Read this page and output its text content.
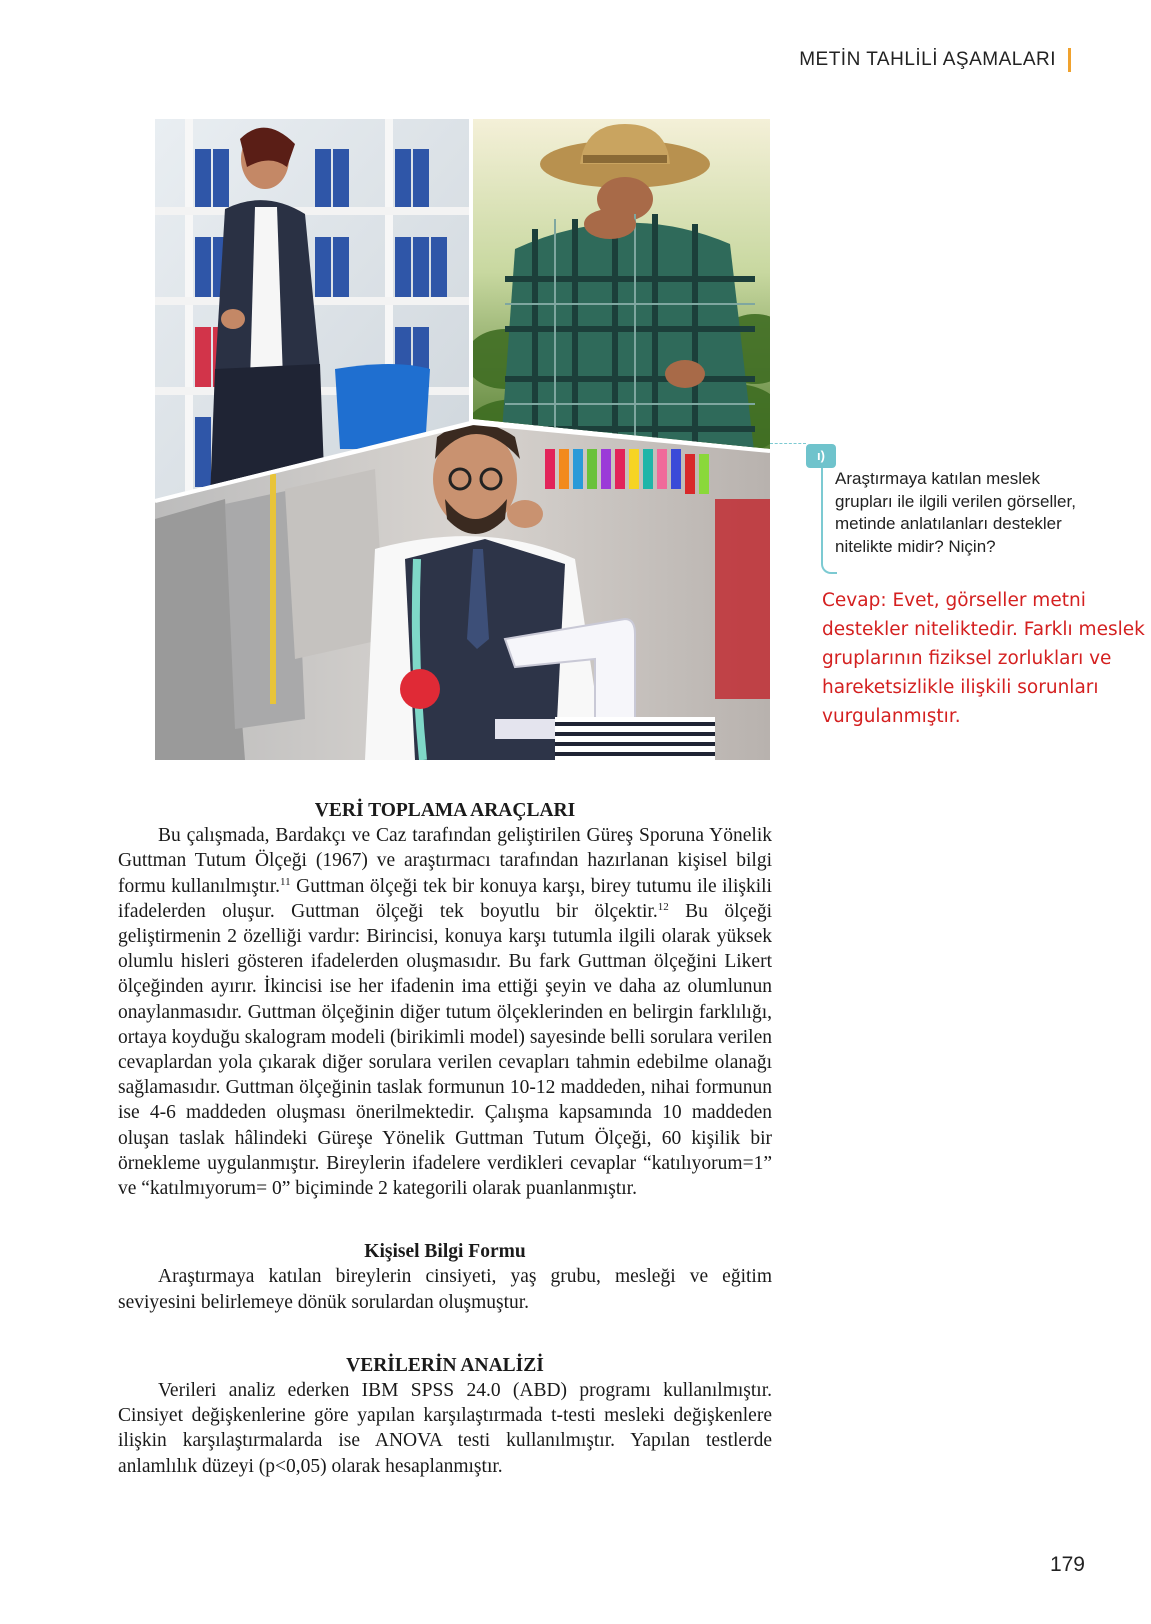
METİN TAHLİLİ AŞAMALARI
ı)
Araştırmaya katılan meslek grupları ile ilgili verilen görseller, metinde anlatılanları destekler nitelikte midir? Niçin?
Cevap: Evet, görseller metni destekler niteliktedir. Farklı meslek gruplarının fiziksel zorlukları ve hareketsizlikle ilişkili sorunları vurgulanmıştır.
VERİ TOPLAMA ARAÇLARI

Bu çalışmada, Bardakçı ve Caz tarafından geliştirilen Güreş Sporuna Yönelik Guttman Tutum Ölçeği (1967) ve araştırmacı tarafından hazırlanan kişisel bilgi formu kullanılmıştır.$^{11}$ Guttman ölçeği tek bir konuya karşı, birey tutumu ile ilişkili ifadelerden oluşur. Guttman ölçeği tek boyutlu bir ölçektir.$^{12}$ Bu ölçeği geliştirmenin 2 özelliği vardır: Birincisi, konuya karşı tutumla ilgili olarak yüksek olumlu hisleri gösteren ifadelerden oluşmasıdır. Bu fark Guttman ölçeğini Likert ölçeğinden ayırır. İkincisi ise her ifadenin ima ettiği şeyin ve daha az olumlunun onaylanmasıdır. Guttman ölçeğinin diğer tutum ölçeklerinden en belirgin farklılığı, ortaya koyduğu skalogram modeli (birikimli model) sayesinde belli sorulara verilen cevaplardan yola çıkarak diğer sorulara verilen cevapları tahmin edebilme olanağı sağlamasıdır. Guttman ölçeğinin taslak formunun 10-12 maddeden, nihai formunun ise 4-6 maddeden oluşması önerilmektedir. Çalışma kapsamında 10 maddeden oluşan taslak hâlindeki Güreşe Yönelik Guttman Tutum Ölçeği, 60 kişilik bir örnekleme uygulanmıştır. Bireylerin ifadelere verdikleri cevaplar “katılıyorum=1” ve “katılmıyorum= 0” biçiminde 2 kategorili olarak puanlanmıştır.

Kişisel Bilgi Formu

Araştırmaya katılan bireylerin cinsiyeti, yaş grubu, mesleği ve eğitim seviyesini belirlemeye dönük sorulardan oluşmuştur.

VERİLERİN ANALİZİ

Verileri analiz ederken IBM SPSS 24.0 (ABD) programı kullanılmıştır. Cinsiyet değişkenlerine göre yapılan karşılaştırmada t-testi mesleki değişkenlere ilişkin karşılaştırmalarda ise ANOVA testi kullanılmıştır. Yapılan testlerde anlamlılık düzeyi (p<0,05) olarak hesaplanmıştır.

179
